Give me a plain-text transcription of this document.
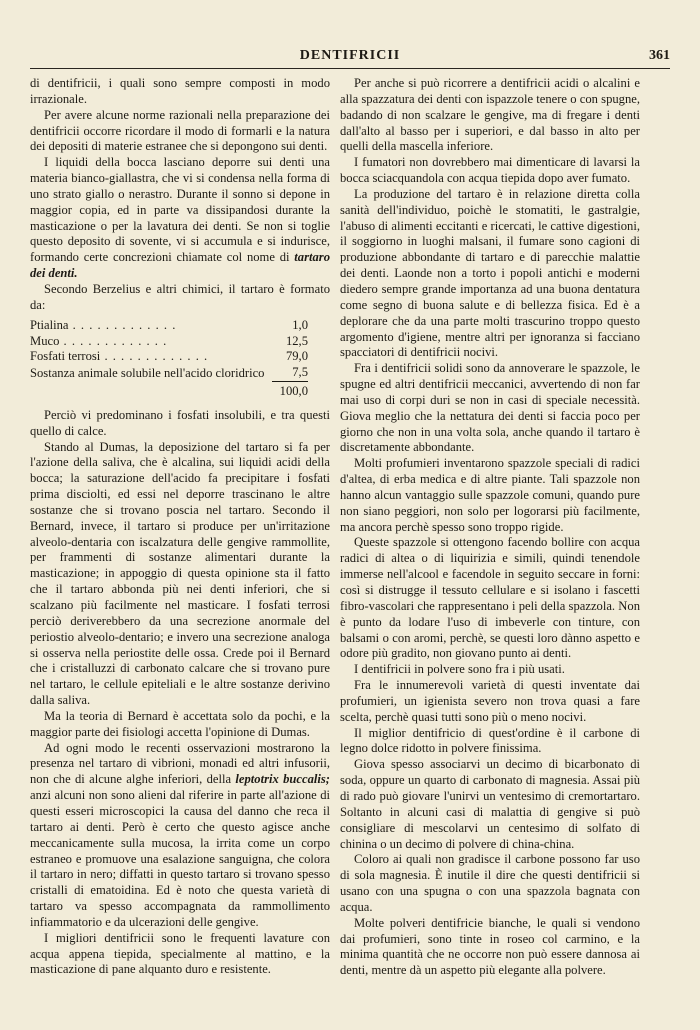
DENTIFRICII	361

di dentifricii, i quali sono sempre composti in modo irrazionale.

Per avere alcune norme razionali nella preparazione dei dentifricii occorre ricordare il modo di formarli e la natura dei depositi di materie estranee che si depongono sui denti.

I liquidi della bocca lasciano deporre sui denti una materia bianco-giallastra, che vi si condensa nella forma di uno strato giallo o nerastro. Durante il sonno si depone in maggior copia, ed in parte va dissipandosi durante la masticazione o per la lavatura dei denti. Se non si toglie questo deposito di sovente, vi si accumula e si indurisce, formando certe concrezioni chiamate col nome di tartaro dei denti.

Secondo Berzelius e altri chimici, il tartaro è formato da:

Ptialina . . .	1,0
Muco . . .	12,5
Fosfati terrosi . . .	79,0
Sostanza animale solubile nell'acido cloridrico	7,5
	100,0

Perciò vi predominano i fosfati insolubili, e tra questi quello di calce.

Stando al Dumas, la deposizione del tartaro si fa per l'azione della saliva, che è alcalina, sui liquidi acidi della bocca; la saturazione dell'acido fa precipitare i fosfati prima disciolti, ed essi nel deporre trascinano le altre sostanze che si trovano poscia nel tartaro. Secondo il Bernard, invece, il tartaro si produce per un'irritazione alveolo-dentaria con iscalzatura delle gengive rammollite, per frammenti di sostanze alimentari durante la masticazione; in appoggio di questa opinione sta il fatto che il tartaro abbonda più nei denti inferiori, che si scalzano più facilmente nel masticare. I fosfati terrosi perciò deriverebbero da una secrezione anormale del periostio alveolo-dentario; e invero una secrezione analoga si osserva nella periostite delle ossa. Crede poi il Bernard che i cristalluzzi di carbonato calcare che si trovano pure nel tartaro, le cellule epiteliali e le altre sostanze derivino dalla saliva.

Ma la teoria di Bernard è accettata solo da pochi, e la maggior parte dei fisiologi accetta l'opinione di Dumas.

Ad ogni modo le recenti osservazioni mostrarono la presenza nel tartaro di vibrioni, monadi ed altri infusorii, non che di alcune alghe inferiori, della leptotrix buccalis; anzi alcuni non sono alieni dal riferire in parte all'azione di questi esseri microscopici la causa del danno che reca il tartaro ai denti. Però è certo che questo agisce anche meccanicamente sulla mucosa, la irrita come un corpo estraneo e promuove una esalazione sanguigna, che colora il tartaro in nero; diffatti in questo tartaro si trovano spesso cristalli di ematoidina. Ed è noto che questa varietà di tartaro va spesso accompagnata da rammollimento infiammatorio e da ulcerazioni delle gengive.

I migliori dentifricii sono le frequenti lavature con acqua appena tiepida, specialmente al mattino, e la masticazione di pane alquanto duro e resistente.

Per anche si può ricorrere a dentifricii acidi o alcalini e alla spazzatura dei denti con ispazzole tenere o con spugne, badando di non scalzare le gengive, ma di fregare i denti dall'alto al basso per i superiori, e dal basso in alto per quelli della mascella inferiore.

I fumatori non dovrebbero mai dimenticare di lavarsi la bocca sciacquandola con acqua tiepida dopo aver fumato.

La produzione del tartaro è in relazione diretta colla sanità dell'individuo, poichè le stomatiti, le gastralgie, l'abuso di alimenti eccitanti e ricercati, le cattive digestioni, il soggiorno in luoghi malsani, il fumare sono cagioni di produzione abbondante di tartaro e di parecchie malattie dei denti. Laonde non a torto i popoli antichi e moderni diedero sempre grande importanza ad una buona dentatura come segno di buona salute e di bellezza fisica. Ed è a deplorare che da una parte molti trascurino troppo questo argomento d'igiene, mentre altri per ignoranza si facciano spacciatori di dentifricii nocivi.

Fra i dentifricii solidi sono da annoverare le spazzole, le spugne ed altri dentifricii meccanici, avvertendo di non far mai uso di corpi duri se non in casi di speciale necessità. Giova meglio che la nettatura dei denti si faccia poco per giorno che non in una volta sola, anche quando il tartaro è discretamente abbondante.

Molti profumieri inventarono spazzole speciali di radici d'altea, di erba medica e di altre piante. Tali spazzole non hanno alcun vantaggio sulle spazzole comuni, quando pure non siano peggiori, non solo per logorarsi più facilmente, ma ancora perchè spesso sono troppo rigide.

Queste spazzole si ottengono facendo bollire con acqua radici di altea o di liquirizia e simili, quindi tenendole immerse nell'alcool e facendole in seguito seccare in forni: così si distrugge il tessuto cellulare e si isolano i fascetti fibro-vascolari che rappresentano i peli della spazzola. Non è punto da lodare l'uso di imbeverle con tinture, con balsami o con aromi, perchè, se questi loro dànno aspetto e odore più gradito, non giovano punto ai denti.

I dentifricii in polvere sono fra i più usati.

Fra le innumerevoli varietà di questi inventate dai profumieri, un igienista severo non trova quasi a fare scelta, perchè quasi tutti sono più o meno nocivi.

Il miglior dentifricio di quest'ordine è il carbone di legno dolce ridotto in polvere finissima.

Giova spesso associarvi un decimo di bicarbonato di soda, oppure un quarto di carbonato di magnesia. Assai più di rado può giovare l'unirvi un ventesimo di cremortartaro. Soltanto in alcuni casi di malattia di gengive si può consigliare di mescolarvi un centesimo di solfato di chinina o un decimo di polvere di china-china.

Coloro ai quali non gradisce il carbone possono far uso di sola magnesia. È inutile il dire che questi dentifricii si usano con una spugna o con una spazzola bagnata con acqua.

Molte polveri dentifricie bianche, le quali si vendono dai profumieri, sono tinte in roseo col carmino, e la minima quantità che ne occorre non può essere dannosa ai denti, mentre dà un aspetto più elegante alla polvere.
